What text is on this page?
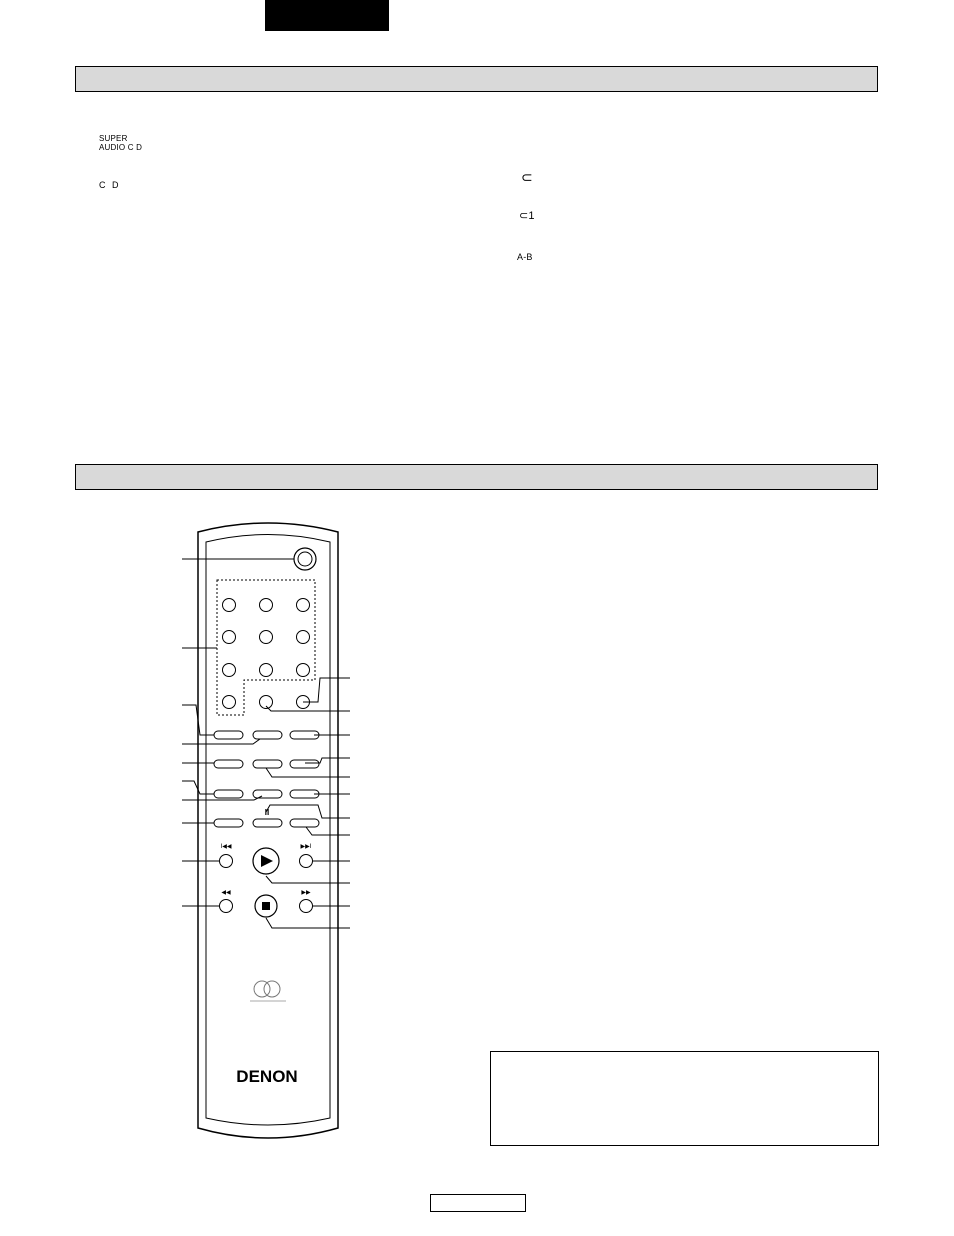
SUPER
AUDIO C D
C D	⊂
⊂1
A-B
II
I◀◀	▶▶I
◀◀	▶▶
DENON
